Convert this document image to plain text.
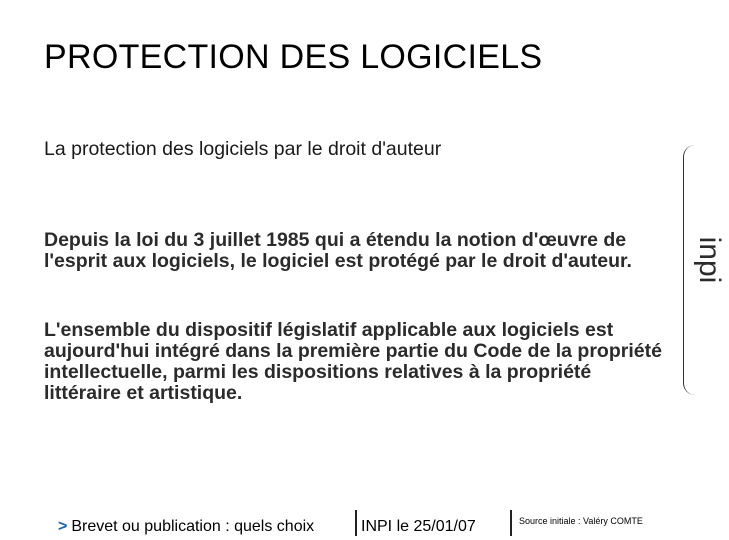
PROTECTION DES LOGICIELS
La protection des logiciels par le droit d'auteur
Depuis la loi du 3 juillet 1985 qui a étendu la notion d'œuvre de l'esprit aux logiciels, le logiciel est protégé par le droit d'auteur.
L'ensemble du dispositif législatif applicable aux logiciels est aujourd'hui intégré dans la première partie du Code de la propriété intellectuelle, parmi les dispositions relatives à la propriété littéraire et artistique.
inpi
> Brevet ou publication : quels choix	INPI le 25/01/07	Source initiale : Valéry COMTE
